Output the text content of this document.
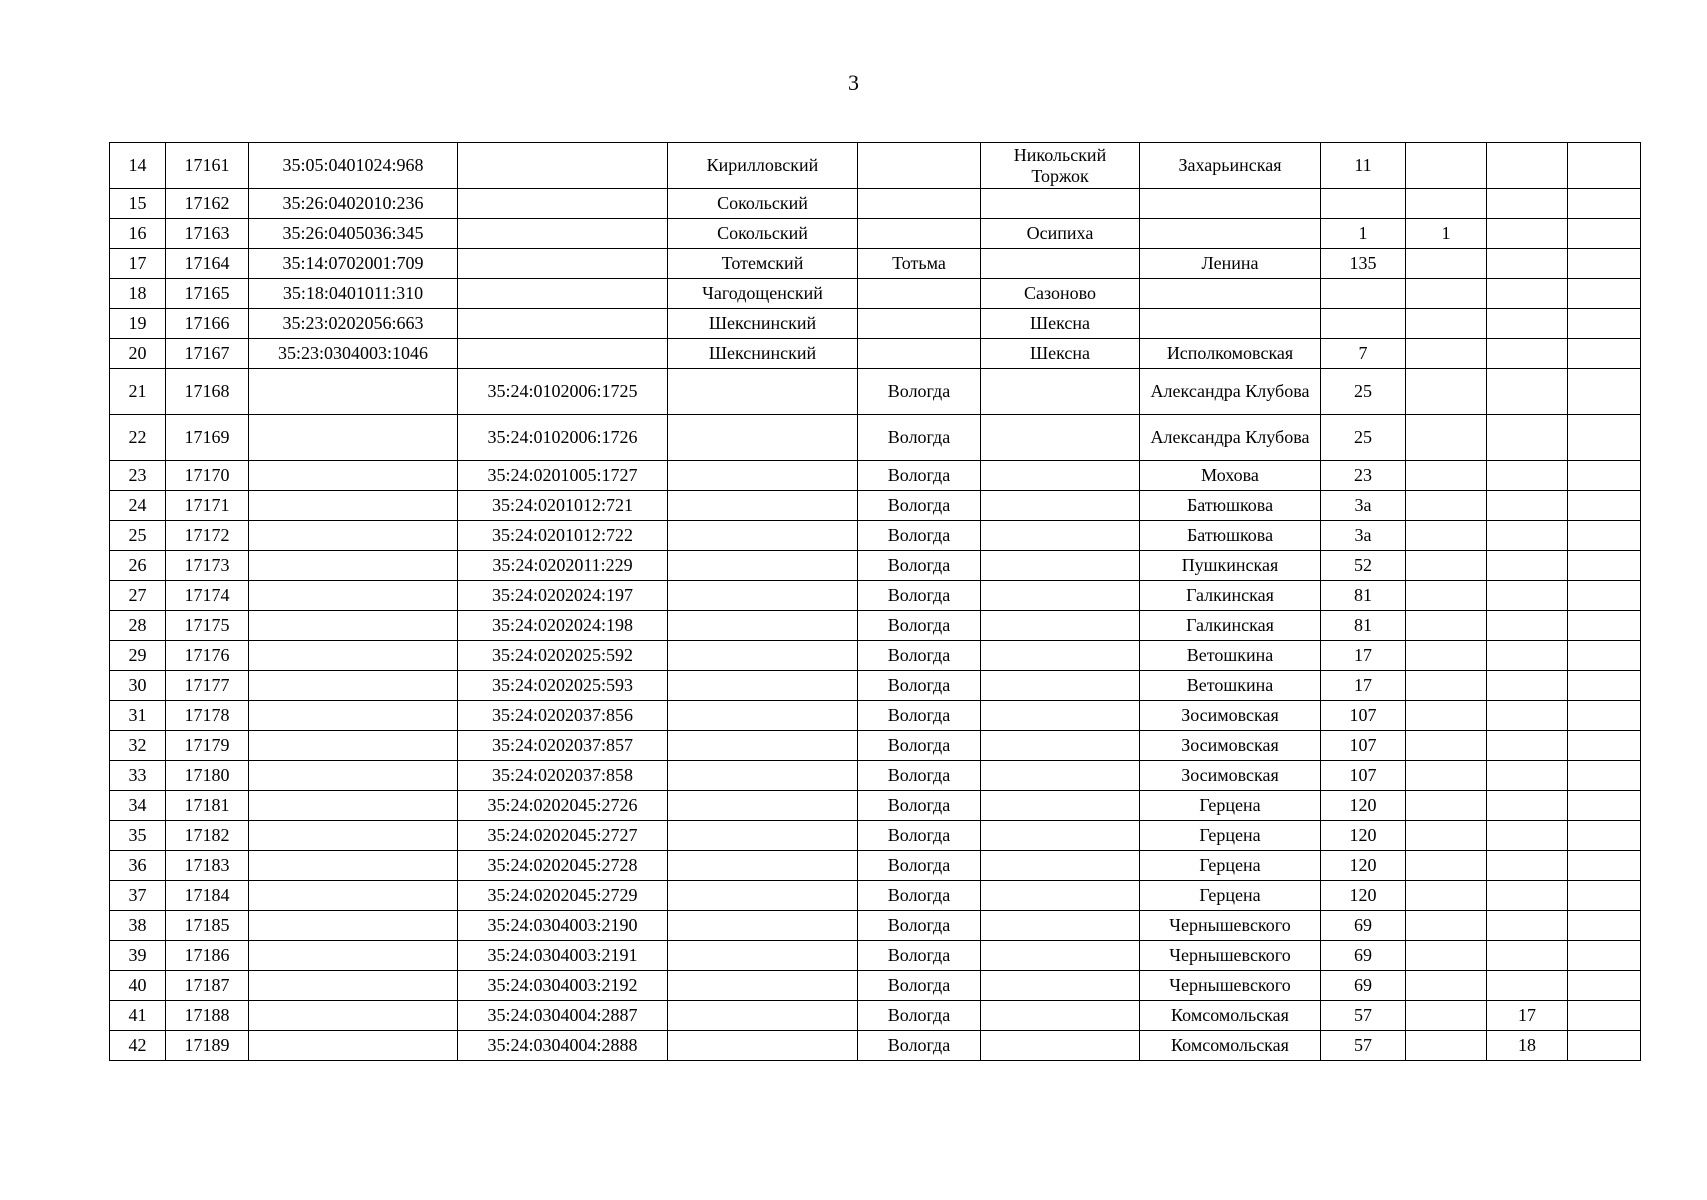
3
14	17161	35:05:0401024:968		Кирилловский		Никольский Торжок	Захарьинская	11			
15	17162	35:26:0402010:236		Сокольский							
16	17163	35:26:0405036:345		Сокольский		Осипиха		1	1		
17	17164	35:14:0702001:709		Тотемский	Тотьма		Ленина	135			
18	17165	35:18:0401011:310		Чагодощенский		Сазоново					
19	17166	35:23:0202056:663		Шекснинский		Шексна					
20	17167	35:23:0304003:1046		Шекснинский		Шексна	Исполкомовская	7			
21	17168		35:24:0102006:1725		Вологда		Александра Клубова	25			
22	17169		35:24:0102006:1726		Вологда		Александра Клубова	25			
23	17170		35:24:0201005:1727		Вологда		Мохова	23			
24	17171		35:24:0201012:721		Вологда		Батюшкова	3а			
25	17172		35:24:0201012:722		Вологда		Батюшкова	3а			
26	17173		35:24:0202011:229		Вологда		Пушкинская	52			
27	17174		35:24:0202024:197		Вологда		Галкинская	81			
28	17175		35:24:0202024:198		Вологда		Галкинская	81			
29	17176		35:24:0202025:592		Вологда		Ветошкина	17			
30	17177		35:24:0202025:593		Вологда		Ветошкина	17			
31	17178		35:24:0202037:856		Вологда		Зосимовская	107			
32	17179		35:24:0202037:857		Вологда		Зосимовская	107			
33	17180		35:24:0202037:858		Вологда		Зосимовская	107			
34	17181		35:24:0202045:2726		Вологда		Герцена	120			
35	17182		35:24:0202045:2727		Вологда		Герцена	120			
36	17183		35:24:0202045:2728		Вологда		Герцена	120			
37	17184		35:24:0202045:2729		Вологда		Герцена	120			
38	17185		35:24:0304003:2190		Вологда		Чернышевского	69			
39	17186		35:24:0304003:2191		Вологда		Чернышевского	69			
40	17187		35:24:0304003:2192		Вологда		Чернышевского	69			
41	17188		35:24:0304004:2887		Вологда		Комсомольская	57		17	
42	17189		35:24:0304004:2888		Вологда		Комсомольская	57		18	
